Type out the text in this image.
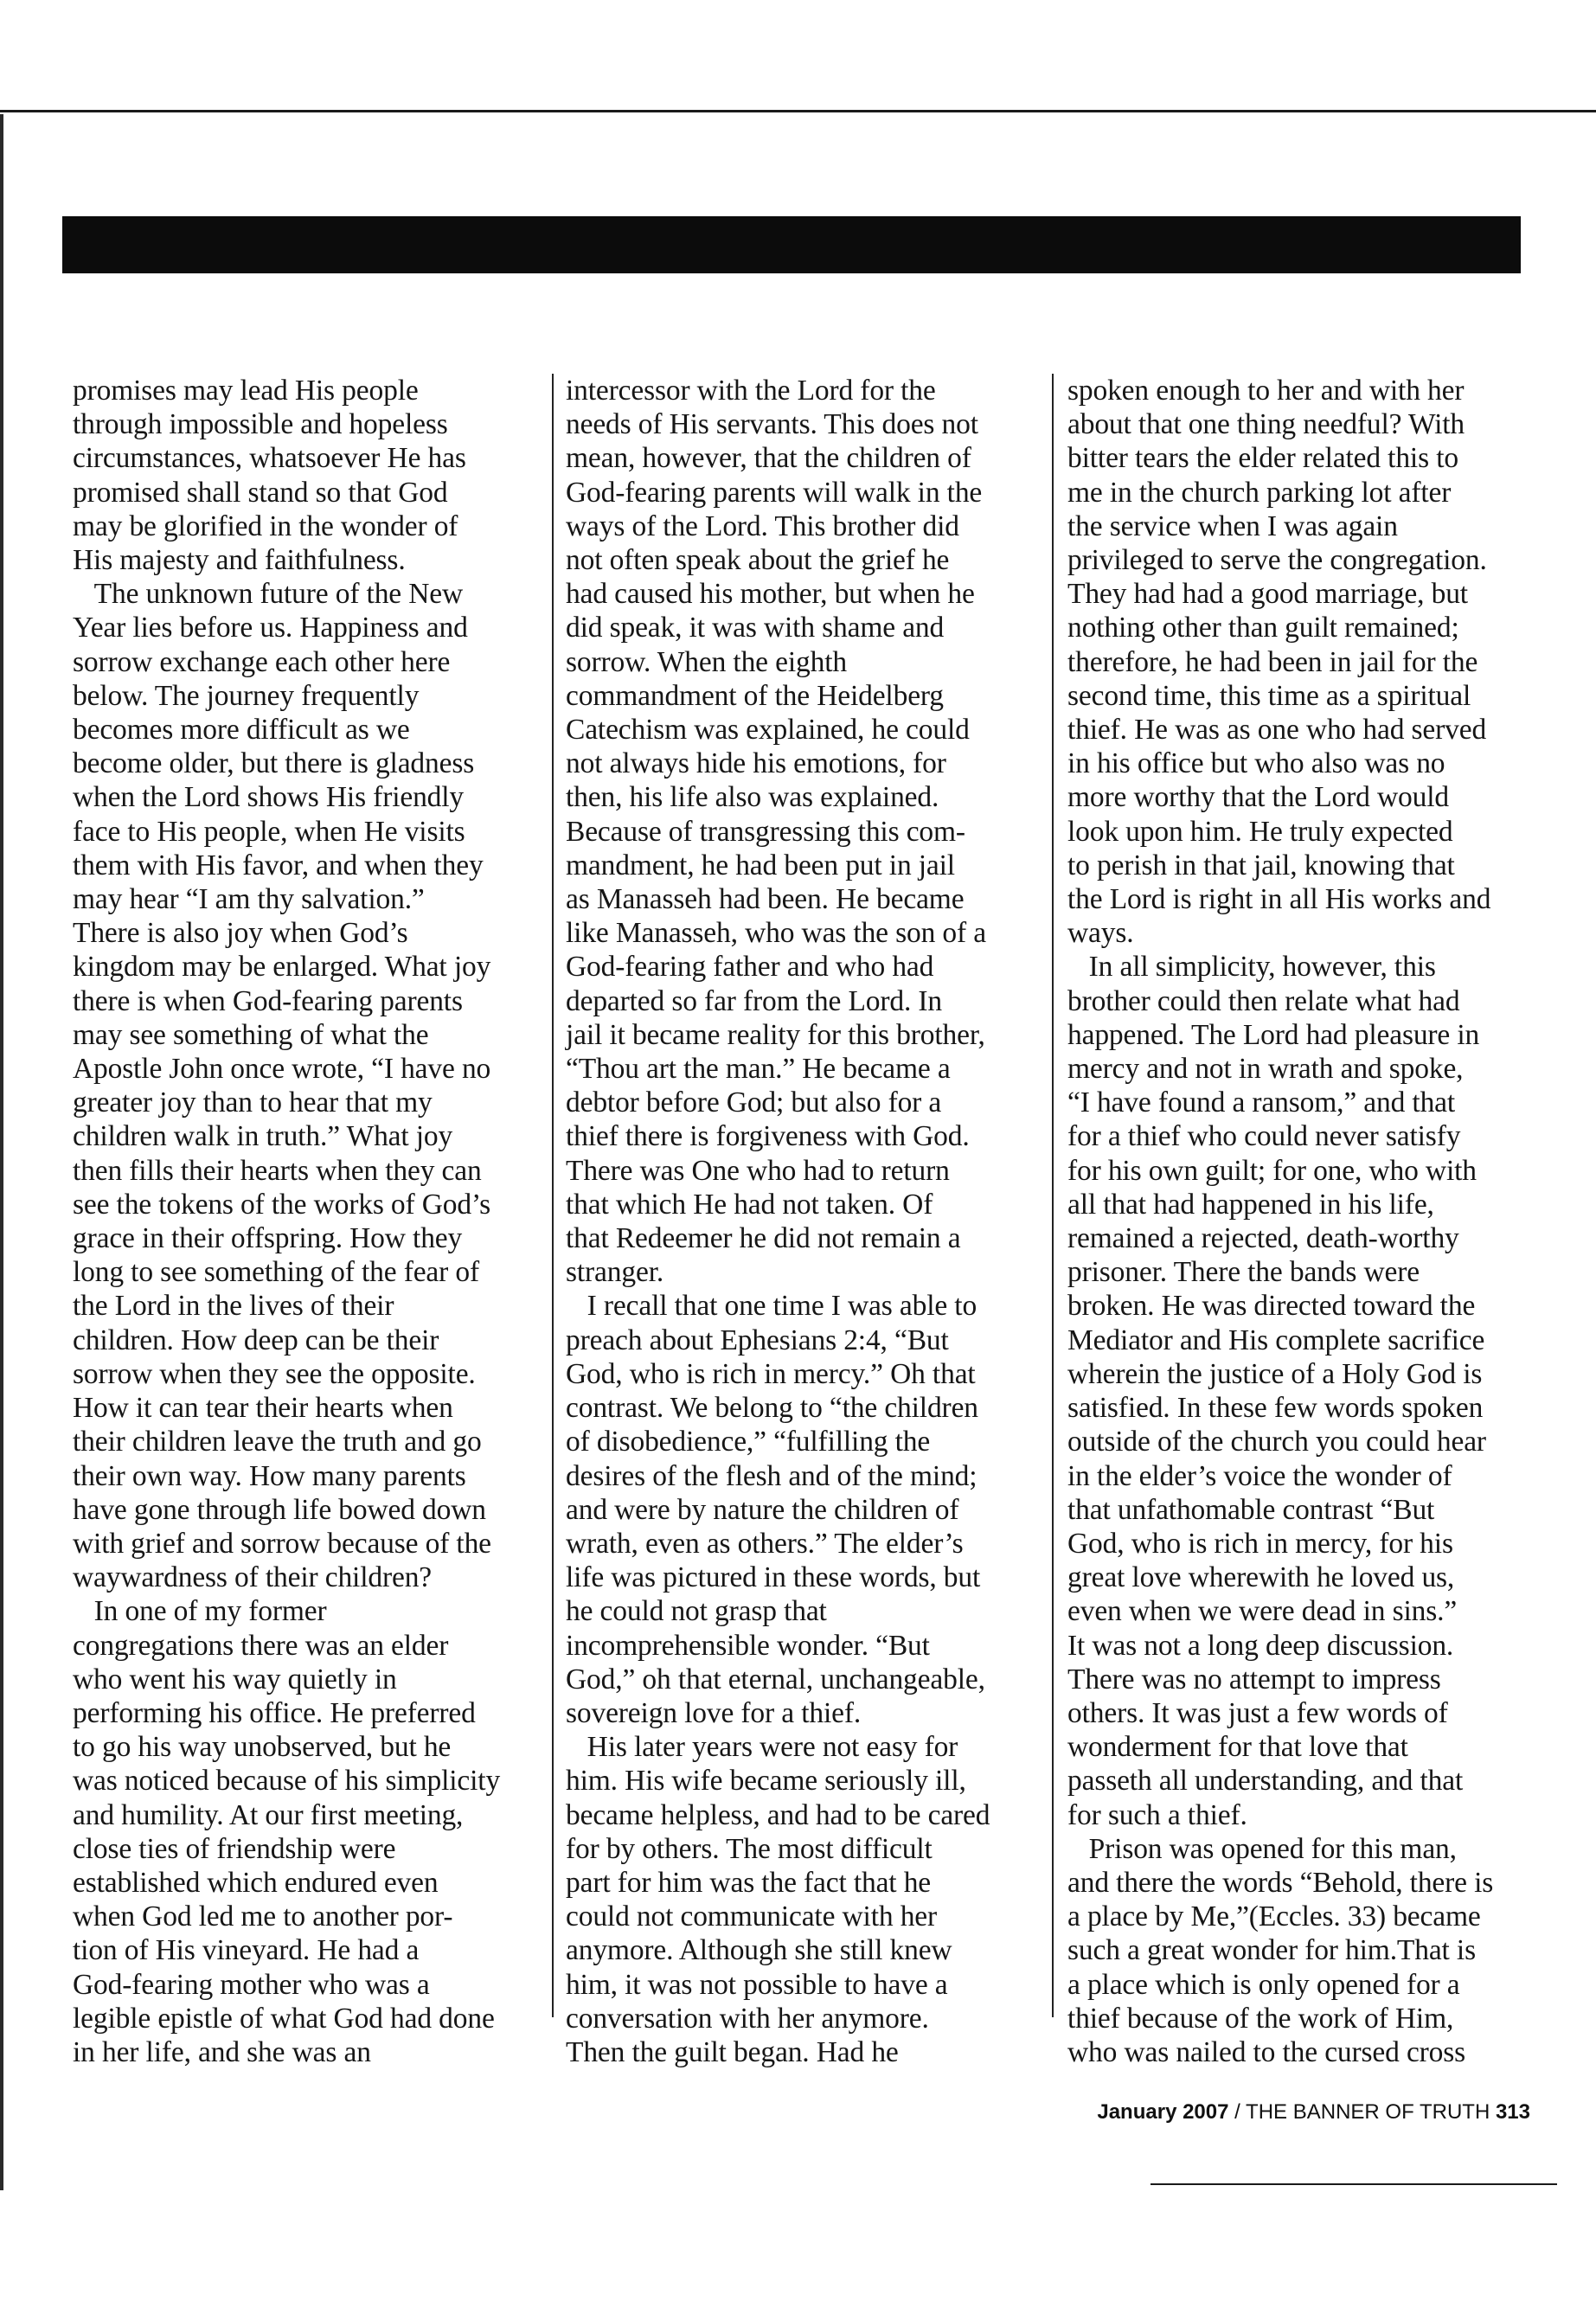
promises may lead His people

through impossible and hopeless

circumstances, whatsoever He has

promised shall stand so that God

may be glorified in the wonder of

His majesty and faithfulness.

The unknown future of the New

Year lies before us. Happiness and

sorrow exchange each other here

below. The journey frequently

becomes more difficult as we

become older, but there is gladness

when the Lord shows His friendly

face to His people, when He visits

them with His favor, and when they

may hear “I am thy salvation.”

There is also joy when God’s

kingdom may be enlarged. What joy

there is when God-fearing parents

may see something of what the

Apostle John once wrote, “I have no

greater joy than to hear that my

children walk in truth.” What joy

then fills their hearts when they can

see the tokens of the works of God’s

grace in their offspring. How they

long to see something of the fear of

the Lord in the lives of their

children. How deep can be their

sorrow when they see the opposite.

How it can tear their hearts when

their children leave the truth and go

their own way. How many parents

have gone through life bowed down

with grief and sorrow because of the

waywardness of their children?

In one of my former

congregations there was an elder

who went his way quietly in

performing his office. He preferred

to go his way unobserved, but he

was noticed because of his simplicity

and humility. At our first meeting,

close ties of friendship were

established which endured even

when God led me to another por-

tion of His vineyard. He had a

God-fearing mother who was a

legible epistle of what God had done

in her life, and she was an

intercessor with the Lord for the

needs of His servants. This does not

mean, however, that the children of

God-fearing parents will walk in the

ways of the Lord. This brother did

not often speak about the grief he

had caused his mother, but when he

did speak, it was with shame and

sorrow. When the eighth

commandment of the Heidelberg

Catechism was explained, he could

not always hide his emotions, for

then, his life also was explained.

Because of transgressing this com-

mandment, he had been put in jail

as Manasseh had been. He became

like Manasseh, who was the son of a

God-fearing father and who had

departed so far from the Lord. In

jail it became reality for this brother,

“Thou art the man.” He became a

debtor before God; but also for a

thief there is forgiveness with God.

There was One who had to return

that which He had not taken. Of

that Redeemer he did not remain a

stranger.

I recall that one time I was able to

preach about Ephesians 2:4, “But

God, who is rich in mercy.” Oh that

contrast. We belong to “the children

of disobedience,” “fulfilling the

desires of the flesh and of the mind;

and were by nature the children of

wrath, even as others.” The elder’s

life was pictured in these words, but

he could not grasp that

incomprehensible wonder. “But

God,” oh that eternal, unchangeable,

sovereign love for a thief.

His later years were not easy for

him. His wife became seriously ill,

became helpless, and had to be cared

for by others. The most difficult

part for him was the fact that he

could not communicate with her

anymore. Although she still knew

him, it was not possible to have a

conversation with her anymore.

Then the guilt began. Had he

spoken enough to her and with her

about that one thing needful? With

bitter tears the elder related this to

me in the church parking lot after

the service when I was again

privileged to serve the congregation.

They had had a good marriage, but

nothing other than guilt remained;

therefore, he had been in jail for the

second time, this time as a spiritual

thief. He was as one who had served

in his office but who also was no

more worthy that the Lord would

look upon him. He truly expected

to perish in that jail, knowing that

the Lord is right in all His works and

ways.

In all simplicity, however, this

brother could then relate what had

happened. The Lord had pleasure in

mercy and not in wrath and spoke,

“I have found a ransom,” and that

for a thief who could never satisfy

for his own guilt; for one, who with

all that had happened in his life,

remained a rejected, death-worthy

prisoner. There the bands were

broken. He was directed toward the

Mediator and His complete sacrifice

wherein the justice of a Holy God is

satisfied. In these few words spoken

outside of the church you could hear

in the elder’s voice the wonder of

that unfathomable contrast “But

God, who is rich in mercy, for his

great love wherewith he loved us,

even when we were dead in sins.”

It was not a long deep discussion.

There was no attempt to impress

others. It was just a few words of

wonderment for that love that

passeth all understanding, and that

for such a thief.

Prison was opened for this man,

and there the words “Behold, there is

a place by Me,”(Eccles. 33) became

such a great wonder for him.That is

a place which is only opened for a

thief because of the work of Him,

who was nailed to the cursed cross

January 2007 / THE BANNER OF TRUTH 313
